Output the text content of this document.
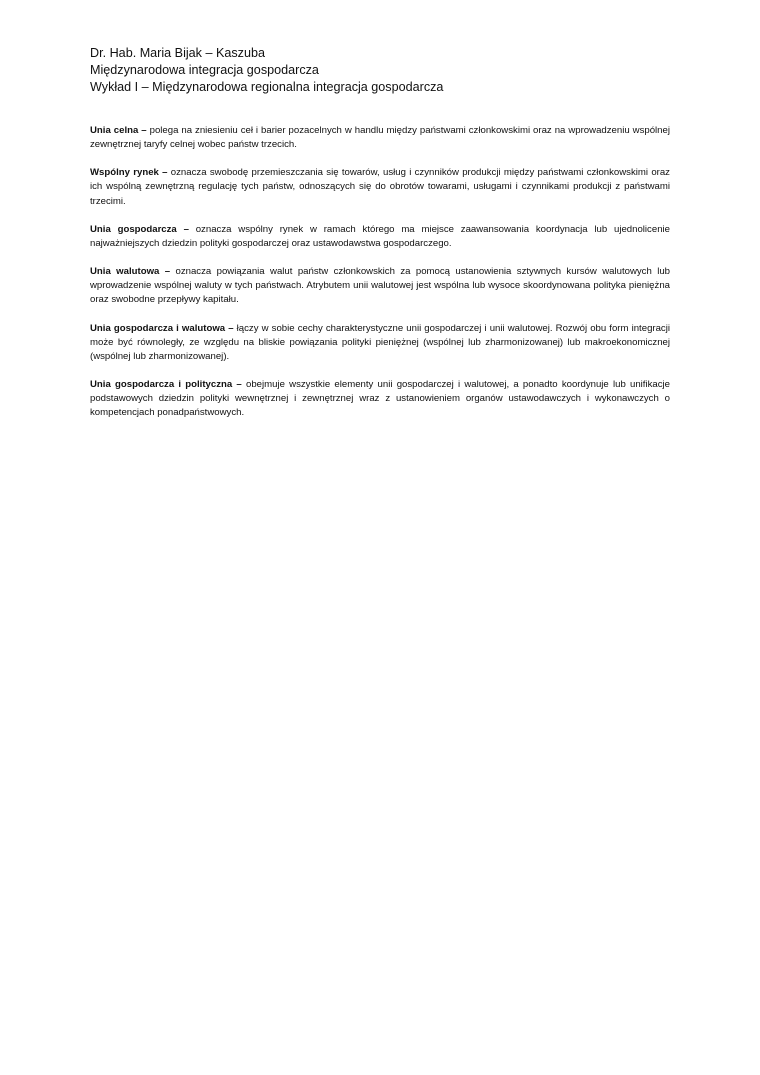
Dr. Hab. Maria Bijak – Kaszuba
Międzynarodowa integracja gospodarcza
Wykład I – Międzynarodowa regionalna integracja gospodarcza

Unia celna – polega na zniesieniu ceł i barier pozacelnych w handlu między państwami członkowskimi oraz na wprowadzeniu wspólnej zewnętrznej taryfy celnej wobec państw trzecich.

Wspólny rynek – oznacza swobodę przemieszczania się towarów, usług i czynników produkcji między państwami członkowskimi oraz ich wspólną zewnętrzną regulację tych państw, odnoszących się do obrotów towarami, usługami i czynnikami produkcji z państwami trzecimi.

Unia gospodarcza – oznacza wspólny rynek w ramach którego ma miejsce zaawansowania koordynacja lub ujednolicenie najważniejszych dziedzin polityki gospodarczej oraz ustawodawstwa gospodarczego.

Unia walutowa – oznacza powiązania walut państw członkowskich za pomocą ustanowienia sztywnych kursów walutowych lub wprowadzenie wspólnej waluty w tych państwach. Atrybutem unii walutowej jest wspólna lub wysoce skoordynowana polityka pieniężna oraz swobodne przepływy kapitału.

Unia gospodarcza i walutowa – łączy w sobie cechy charakterystyczne unii gospodarczej i unii walutowej. Rozwój obu form integracji może być równoległy, ze względu na bliskie powiązania polityki pieniężnej (wspólnej lub zharmonizowanej) lub makroekonomicznej (wspólnej lub zharmonizowanej).

Unia gospodarcza i polityczna – obejmuje wszystkie elementy unii gospodarczej i walutowej, a ponadto koordynuje lub unifikacje podstawowych dziedzin polityki wewnętrznej i zewnętrznej wraz z ustanowieniem organów ustawodawczych i wykonawczych o kompetencjach ponadpaństwowych.
